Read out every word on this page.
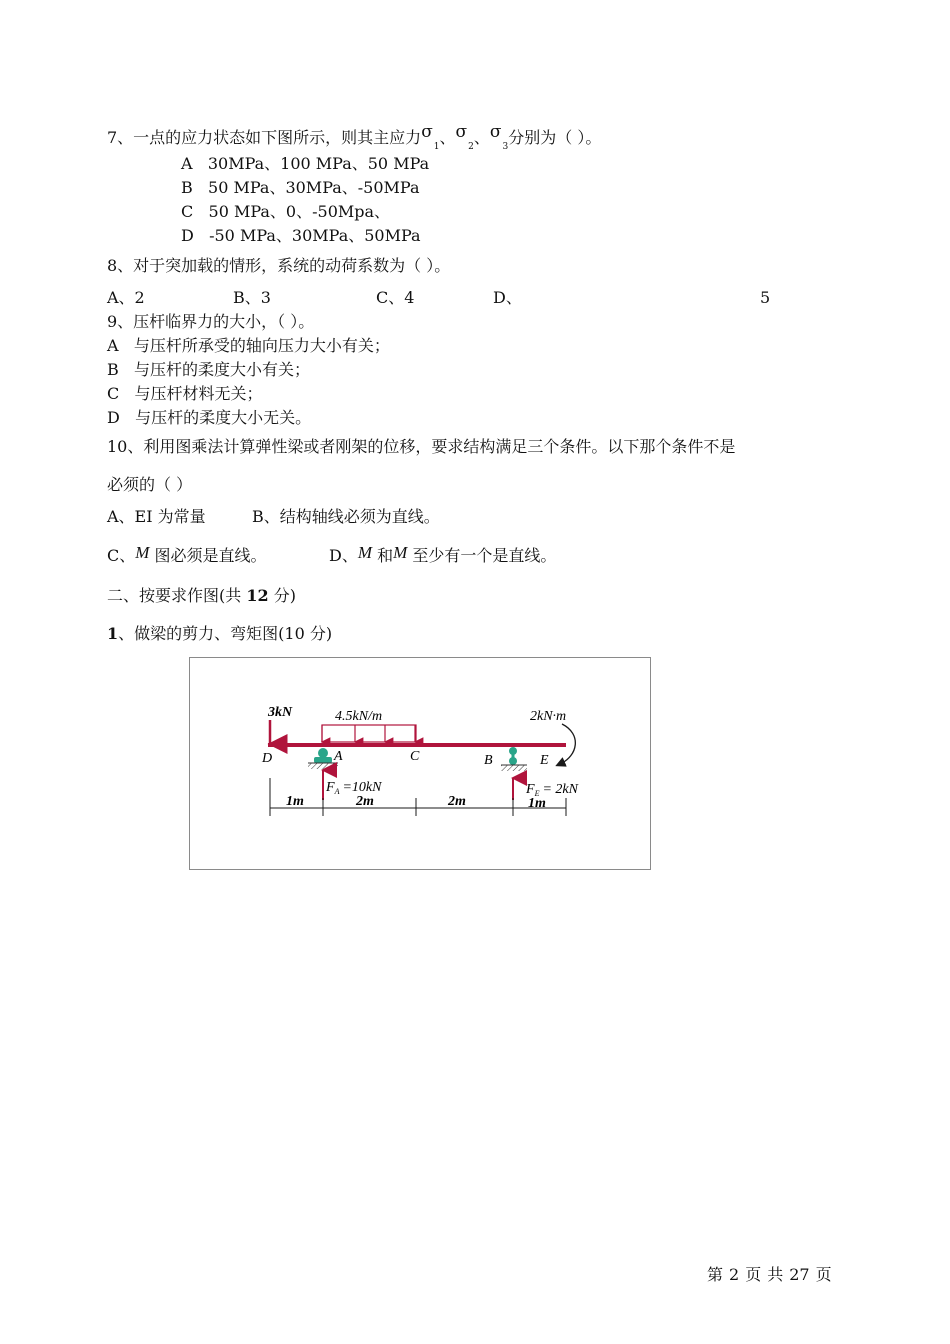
7、一点的应力状态如下图所示，则其主应力$\sigma_1$、$\sigma_2$、$\sigma_3$分别为（ ）。
A 30MPa、100 MPa、50 MPa
B 50 MPa、30MPa、-50MPa
C 50 MPa、0、-50Mpa、
D -50 MPa、30MPa、50MPa
8、对于突加载的情形，系统的动荷系数为（ ）。
A、2	B、3	C、4	D、	5
9、压杆临界力的大小，（ ）。
A 与压杆所承受的轴向压力大小有关；
B 与压杆的柔度大小有关；
C 与压杆材料无关；
D 与压杆的柔度大小无关。
10、利用图乘法计算弹性梁或者刚架的位移，要求结构满足三个条件。以下那个条件不是
必须的（ ）
A、EI 为常量	B、结构轴线必须为直线。
C、M 图必须是直线。	D、M 和M 至少有一个是直线。
二、按要求作图(共 12 分)
1、做梁的剪力、弯矩图(10 分)
3kN	4.5kN/m	2kN·m
D	A	C	B	E
$F_A =10kN$	$F_E = 2kN$
1m	2m	2m	1m
第 2 页 共 27 页
